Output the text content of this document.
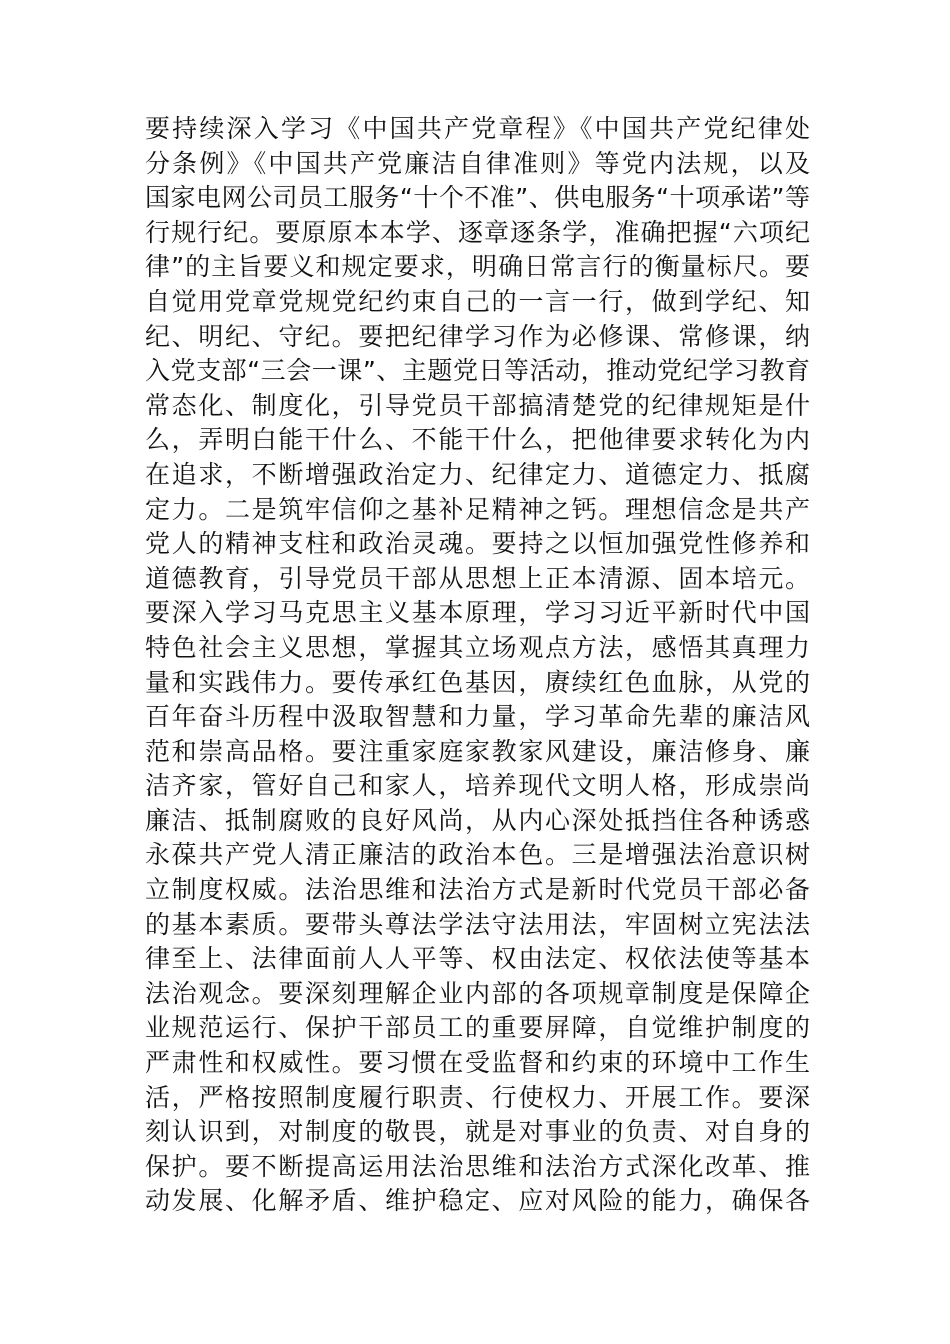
要持续深入学习《中国共产党章程》《中国共产党纪律处
分条例》《中国共产党廉洁自律准则》等党内法规，以及
国家电网公司员工服务“十个不准”、供电服务“十项承诺”等
行规行纪。要原原本本学、逐章逐条学，准确把握“六项纪
律”的主旨要义和规定要求，明确日常言行的衡量标尺。要
自觉用党章党规党纪约束自己的一言一行，做到学纪、知
纪、明纪、守纪。要把纪律学习作为必修课、常修课，纳
入党支部“三会一课”、主题党日等活动，推动党纪学习教育
常态化、制度化，引导党员干部搞清楚党的纪律规矩是什
么，弄明白能干什么、不能干什么，把他律要求转化为内
在追求，不断增强政治定力、纪律定力、道德定力、抵腐
定力。二是筑牢信仰之基补足精神之钙。理想信念是共产
党人的精神支柱和政治灵魂。要持之以恒加强党性修养和
道德教育，引导党员干部从思想上正本清源、固本培元。
要深入学习马克思主义基本原理，学习习近平新时代中国
特色社会主义思想，掌握其立场观点方法，感悟其真理力
量和实践伟力。要传承红色基因，赓续红色血脉，从党的
百年奋斗历程中汲取智慧和力量，学习革命先辈的廉洁风
范和崇高品格。要注重家庭家教家风建设，廉洁修身、廉
洁齐家，管好自己和家人，培养现代文明人格，形成崇尚
廉洁、抵制腐败的良好风尚，从内心深处抵挡住各种诱惑
永葆共产党人清正廉洁的政治本色。三是增强法治意识树
立制度权威。法治思维和法治方式是新时代党员干部必备
的基本素质。要带头尊法学法守法用法，牢固树立宪法法
律至上、法律面前人人平等、权由法定、权依法使等基本
法治观念。要深刻理解企业内部的各项规章制度是保障企
业规范运行、保护干部员工的重要屏障，自觉维护制度的
严肃性和权威性。要习惯在受监督和约束的环境中工作生
活，严格按照制度履行职责、行使权力、开展工作。要深
刻认识到，对制度的敬畏，就是对事业的负责、对自身的
保护。要不断提高运用法治思维和法治方式深化改革、推
动发展、化解矛盾、维护稳定、应对风险的能力，确保各
